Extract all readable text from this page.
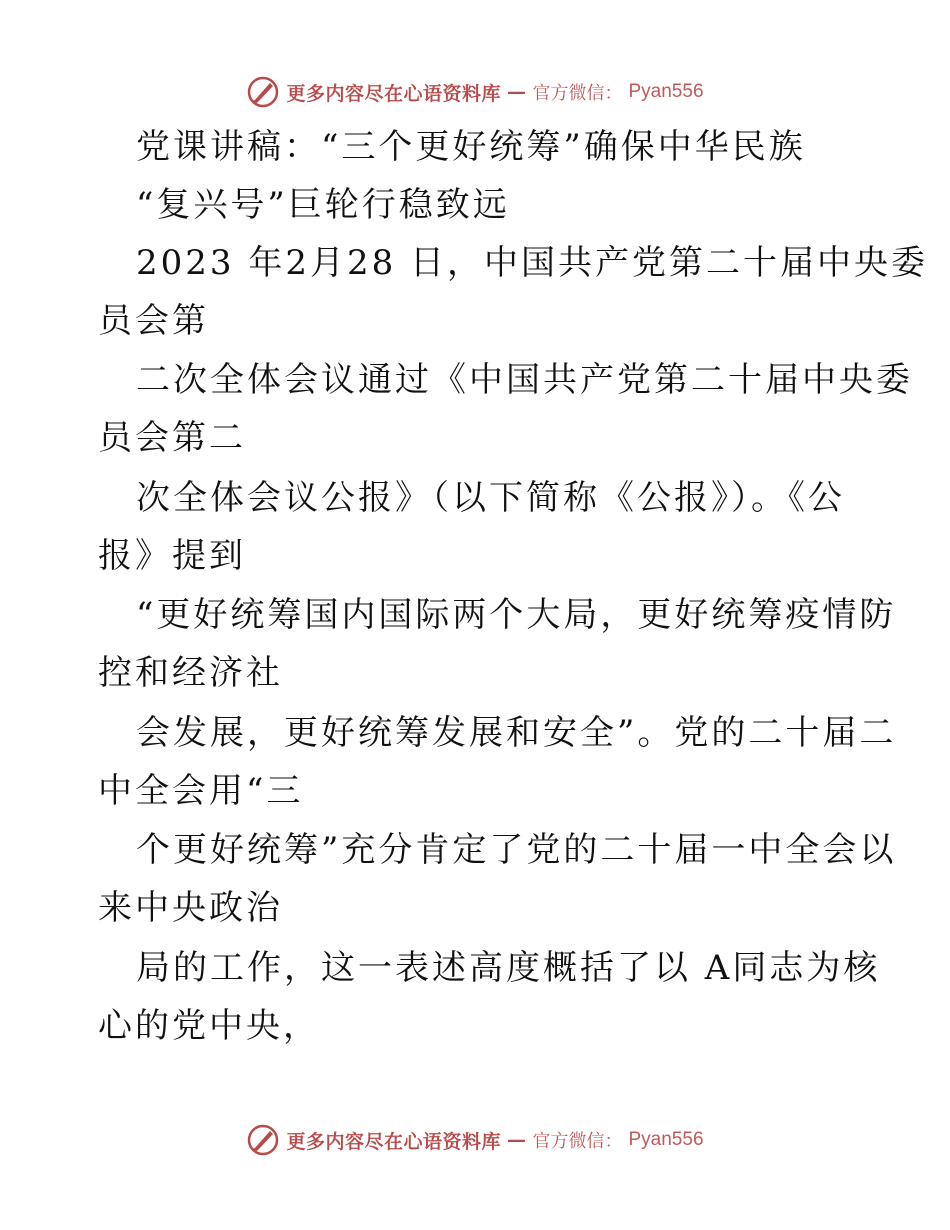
更多内容尽在心语资料库 — 官方微信： Pyan556
党课讲稿：“三个更好统筹”确保中华民族
“复兴号”巨轮行稳致远
2023 年2月28 日，中国共产党第二十届中央委
员会第
二次全体会议通过《中国共产党第二十届中央委
员会第二
次全体会议公报》（以下简称《公报》）。《公
报》提到
“更好统筹国内国际两个大局，更好统筹疫情防
控和经济社
会发展，更好统筹发展和安全”。党的二十届二
中全会用“三
个更好统筹”充分肯定了党的二十届一中全会以
来中央政治
局的工作，这一表述高度概括了以 A同志为核
心的党中央，
更多内容尽在心语资料库 — 官方微信： Pyan556
